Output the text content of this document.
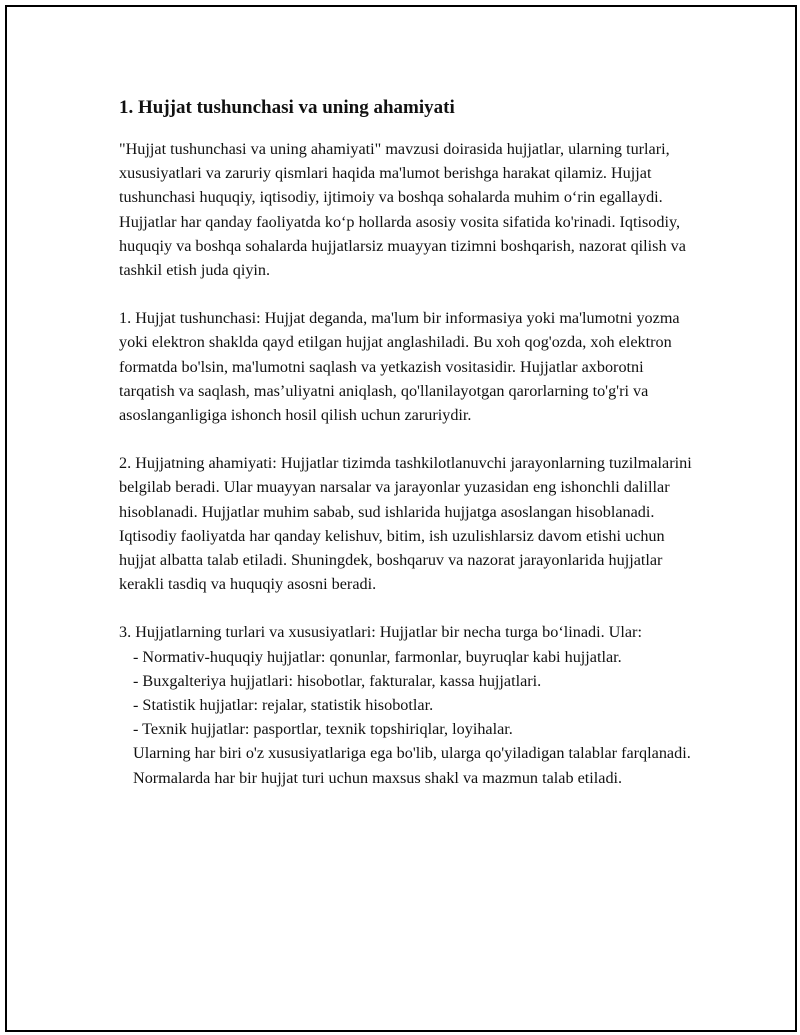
1. Hujjat tushunchasi va uning ahamiyati

"Hujjat tushunchasi va uning ahamiyati" mavzusi doirasida hujjatlar, ularning turlari, xususiyatlari va zaruriy qismlari haqida ma'lumot berishga harakat qilamiz. Hujjat tushunchasi huquqiy, iqtisodiy, ijtimoiy va boshqa sohalarda muhim oʻrin egallaydi. Hujjatlar har qanday faoliyatda koʻp hollarda asosiy vosita sifatida ko'rinadi. Iqtisodiy, huquqiy va boshqa sohalarda hujjatlarsiz muayyan tizimni boshqarish, nazorat qilish va tashkil etish juda qiyin.

1. Hujjat tushunchasi: Hujjat deganda, ma'lum bir informasiya yoki ma'lumotni yozma yoki elektron shaklda qayd etilgan hujjat anglashiladi. Bu xoh qog'ozda, xoh elektron formatda bo'lsin, ma'lumotni saqlash va yetkazish vositasidir. Hujjatlar axborotni tarqatish va saqlash, mas’uliyatni aniqlash, qo'llanilayotgan qarorlarning to'g'ri va asoslanganligiga ishonch hosil qilish uchun zaruriydir.

2. Hujjatning ahamiyati: Hujjatlar tizimda tashkilotlanuvchi jarayonlarning tuzilmalarini belgilab beradi. Ular muayyan narsalar va jarayonlar yuzasidan eng ishonchli dalillar hisoblanadi. Hujjatlar muhim sabab, sud ishlarida hujjatga asoslangan hisoblanadi. Iqtisodiy faoliyatda har qanday kelishuv, bitim, ish uzulishlarsiz davom etishi uchun hujjat albatta talab etiladi. Shuningdek, boshqaruv va nazorat jarayonlarida hujjatlar kerakli tasdiq va huquqiy asosni beradi.

3. Hujjatlarning turlari va xususiyatlari: Hujjatlar bir necha turga boʻlinadi. Ular:

- Normativ-huquqiy hujjatlar: qonunlar, farmonlar, buyruqlar kabi hujjatlar.

- Buxgalteriya hujjatlari: hisobotlar, fakturalar, kassa hujjatlari.

- Statistik hujjatlar: rejalar, statistik hisobotlar.

- Texnik hujjatlar: pasportlar, texnik topshiriqlar, loyihalar.

Ularning har biri o'z xususiyatlariga ega bo'lib, ularga qo'yiladigan talablar farqlanadi. Normalarda har bir hujjat turi uchun maxsus shakl va mazmun talab etiladi.
